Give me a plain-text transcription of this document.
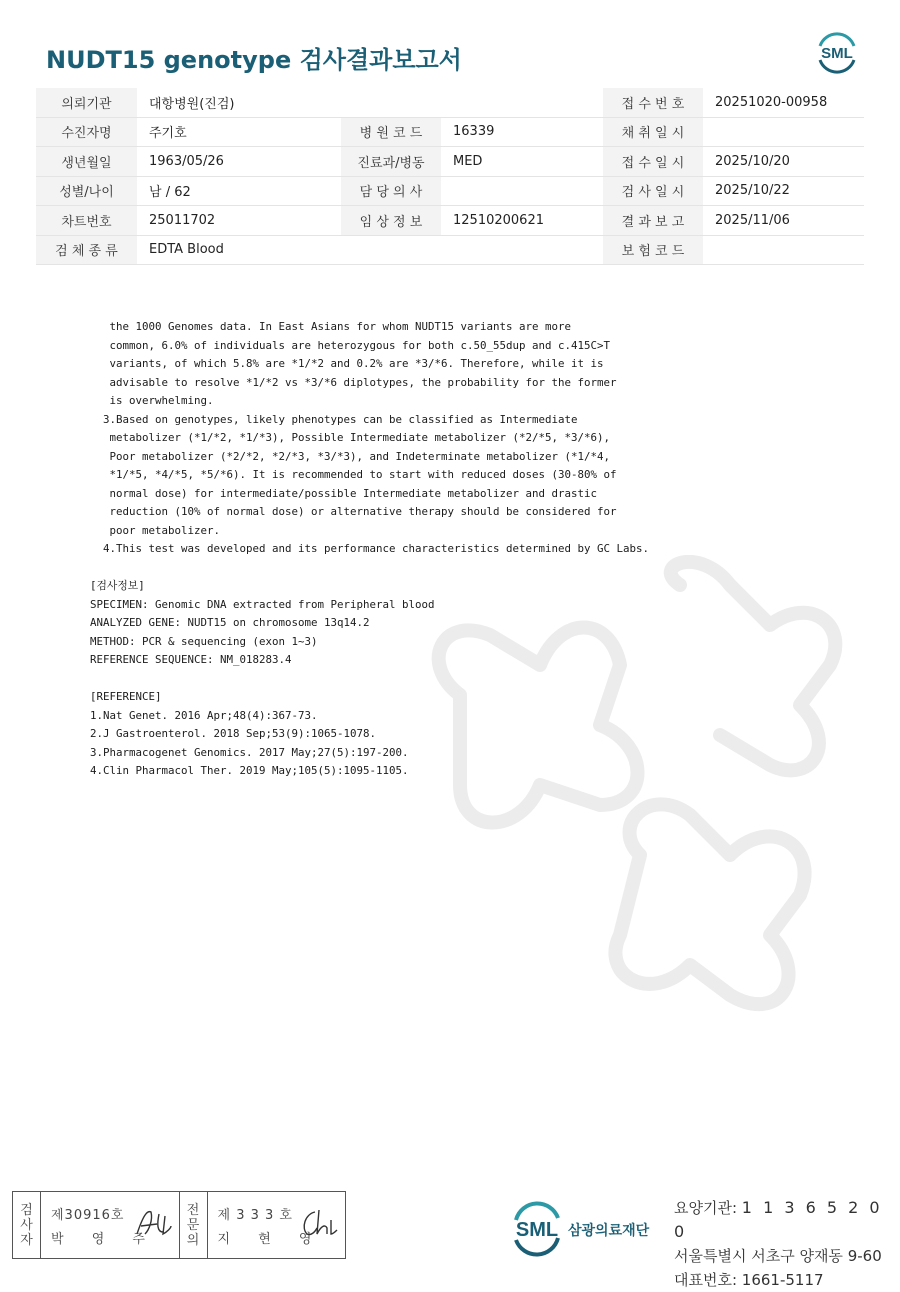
NUDT15 genotype 검사결과보고서	SML
의뢰기관	대항병원(진검)			접 수 번 호	20251020-00958
수진자명	주기호	병 원 코 드	16339	채 취 일 시	
생년월일	1963/05/26	진료과/병동	MED	접 수 일 시	2025/10/20
성별/나이	남 / 62	담 당 의 사		검 사 일 시	2025/10/22
차트번호	25011702	임 상 정 보	12510200621	결 과 보 고	2025/11/06
검 체 종 류	EDTA Blood			보 험 코 드	
the 1000 Genomes data. In East Asians for whom NUDT15 variants are more
common, 6.0% of individuals are heterozygous for both c.50_55dup and c.415C>T
variants, of which 5.8% are *1/*2 and 0.2% are *3/*6. Therefore, while it is
advisable to resolve *1/*2 vs *3/*6 diplotypes, the probability for the former
is overwhelming.
3.Based on genotypes, likely phenotypes can be classified as Intermediate
metabolizer (*1/*2, *1/*3), Possible Intermediate metabolizer (*2/*5, *3/*6),
Poor metabolizer (*2/*2, *2/*3, *3/*3), and Indeterminate metabolizer (*1/*4,
*1/*5, *4/*5, *5/*6). It is recommended to start with reduced doses (30-80% of
normal dose) for intermediate/possible Intermediate metabolizer and drastic
reduction (10% of normal dose) or alternative therapy should be considered for
poor metabolizer.
4.This test was developed and its performance characteristics determined by GC Labs.
[검사정보]
SPECIMEN: Genomic DNA extracted from Peripheral blood
ANALYZED GENE: NUDT15 on chromosome 13q14.2
METHOD: PCR & sequencing (exon 1~3)
REFERENCE SEQUENCE: NM_018283.4
[REFERENCE]
1.Nat Genet. 2016 Apr;48(4):367-73.
2.J Gastroenterol. 2018 Sep;53(9):1065-1078.
3.Pharmacogenet Genomics. 2017 May;27(5):197-200.
4.Clin Pharmacol Ther. 2019 May;105(5):1095-1105.
검
사
자
제30916호
박 영 주
전
문
의
제 3 3 3 호
지 현 영	SML 삼광의료재단
요양기관: 1 1 3 6 5 2 0 0
서울특별시 서초구 양재동 9-60
대표번호: 1661-5117
